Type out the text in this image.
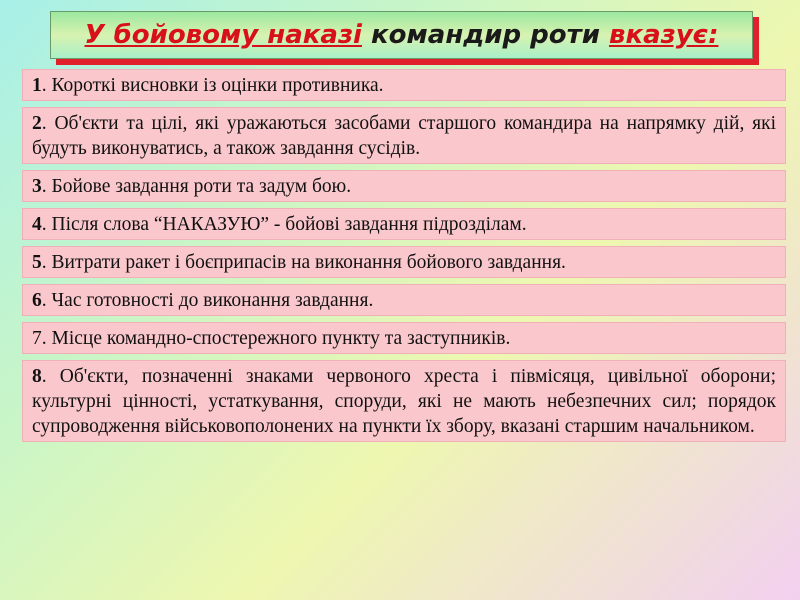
У бойовому наказі командир роти вказує:
1. Короткі висновки із оцінки противника.
2. Об'єкти та цілі, які уражаються засобами старшого командира на напрямку дій, які будуть виконуватись, а також завдання сусідів.
3. Бойове завдання роти та задум бою.
4. Після слова “НАКАЗУЮ” - бойові завдання підрозділам.
5. Витрати ракет і боєприпасів на виконання бойового завдання.
6. Час готовності до виконання завдання.
7. Місце командно-спостережного пункту та заступників.
8. Об'єкти, позначенні знаками червоного хреста і півмісяця, цивільної оборони; культурні цінності, устаткування, споруди, які не мають небезпечних сил; порядок супроводження військовополонених на пункти їх збору, вказані старшим начальником.
